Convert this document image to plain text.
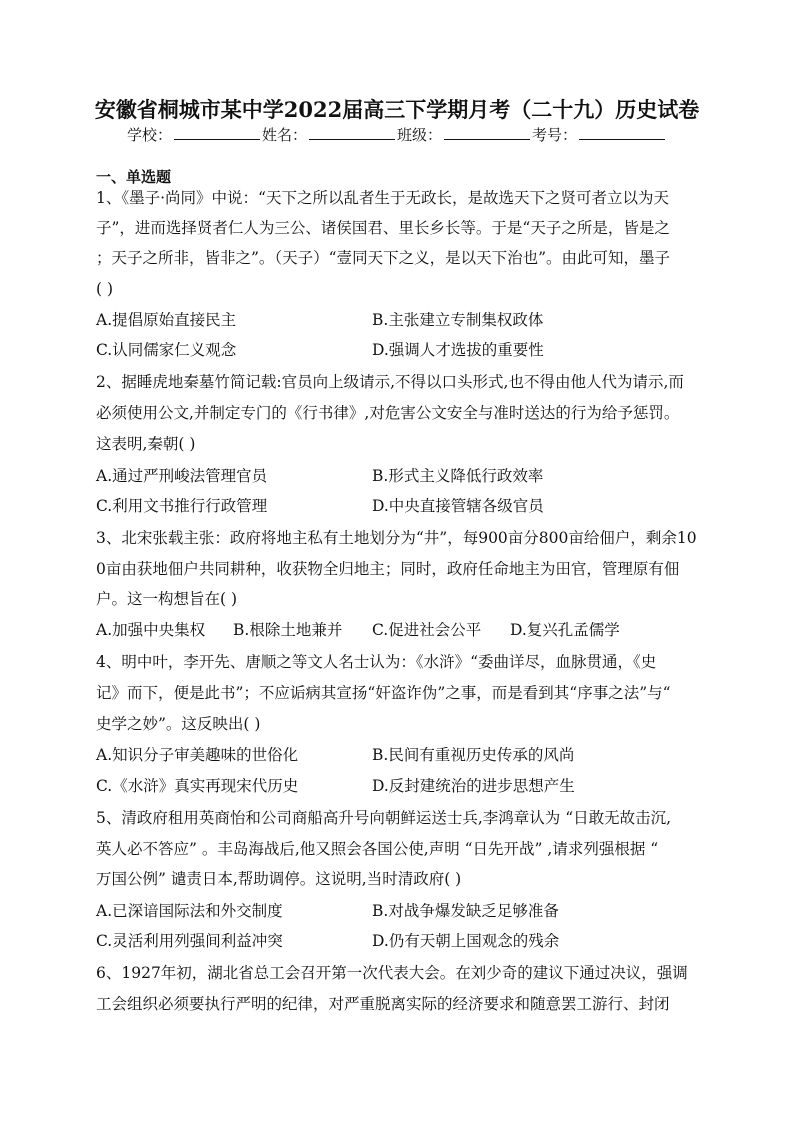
安徽省桐城市某中学2022届高三下学期月考（二十九）历史试卷
学校：	姓名：	班级：	考号：
一、单选题
1、《墨子·尚同》中说：“天下之所以乱者生于无政长，是故选天下之贤可者立以为天
子”，进而选择贤者仁人为三公、诸侯国君、里长乡长等。于是“天子之所是，皆是之
；天子之所非，皆非之”。（天子）“壹同天下之义，是以天下治也”。由此可知，墨子
( )
A.提倡原始直接民主	B.主张建立专制集权政体
C.认同儒家仁义观念	D.强调人才选拔的重要性
2、据睡虎地秦墓竹简记载:官员向上级请示,不得以口头形式,也不得由他人代为请示,而
必须使用公文,并制定专门的《行书律》,对危害公文安全与准时送达的行为给予惩罚。
这表明,秦朝( )
A.通过严刑峻法管理官员	B.形式主义降低行政效率
C.利用文书推行行政管理	D.中央直接管辖各级官员
3、北宋张载主张：政府将地主私有土地划分为“井”，每900亩分800亩给佃户，剩余10
0亩由获地佃户共同耕种，收获物全归地主；同时，政府任命地主为田官，管理原有佃
户。这一构想旨在( )
A.加强中央集权 B.根除土地兼并 C.促进社会公平 D.复兴孔孟儒学
4、明中叶，李开先、唐顺之等文人名士认为：《水浒》“委曲详尽，血脉贯通，《史
记》而下，便是此书”；不应诟病其宣扬“奸盗诈伪”之事，而是看到其“序事之法”与“
史学之妙”。这反映出( )
A.知识分子审美趣味的世俗化	B.民间有重视历史传承的风尚
C.《水浒》真实再现宋代历史	D.反封建统治的进步思想产生
5、清政府租用英商怡和公司商船高升号向朝鲜运送士兵,李鸿章认为 “日敢无故击沉,
英人必不答应” 。丰岛海战后,他又照会各国公使,声明 “日先开战” ,请求列强根据 “
万国公例” 谴责日本,帮助调停。这说明,当时清政府( )
A.已深谙国际法和外交制度	B.对战争爆发缺乏足够准备
C.灵活利用列强间利益冲突	D.仍有天朝上国观念的残余
6、1927年初，湖北省总工会召开第一次代表大会。在刘少奇的建议下通过决议，强调
工会组织必须要执行严明的纪律，对严重脱离实际的经济要求和随意罢工游行、封闭
